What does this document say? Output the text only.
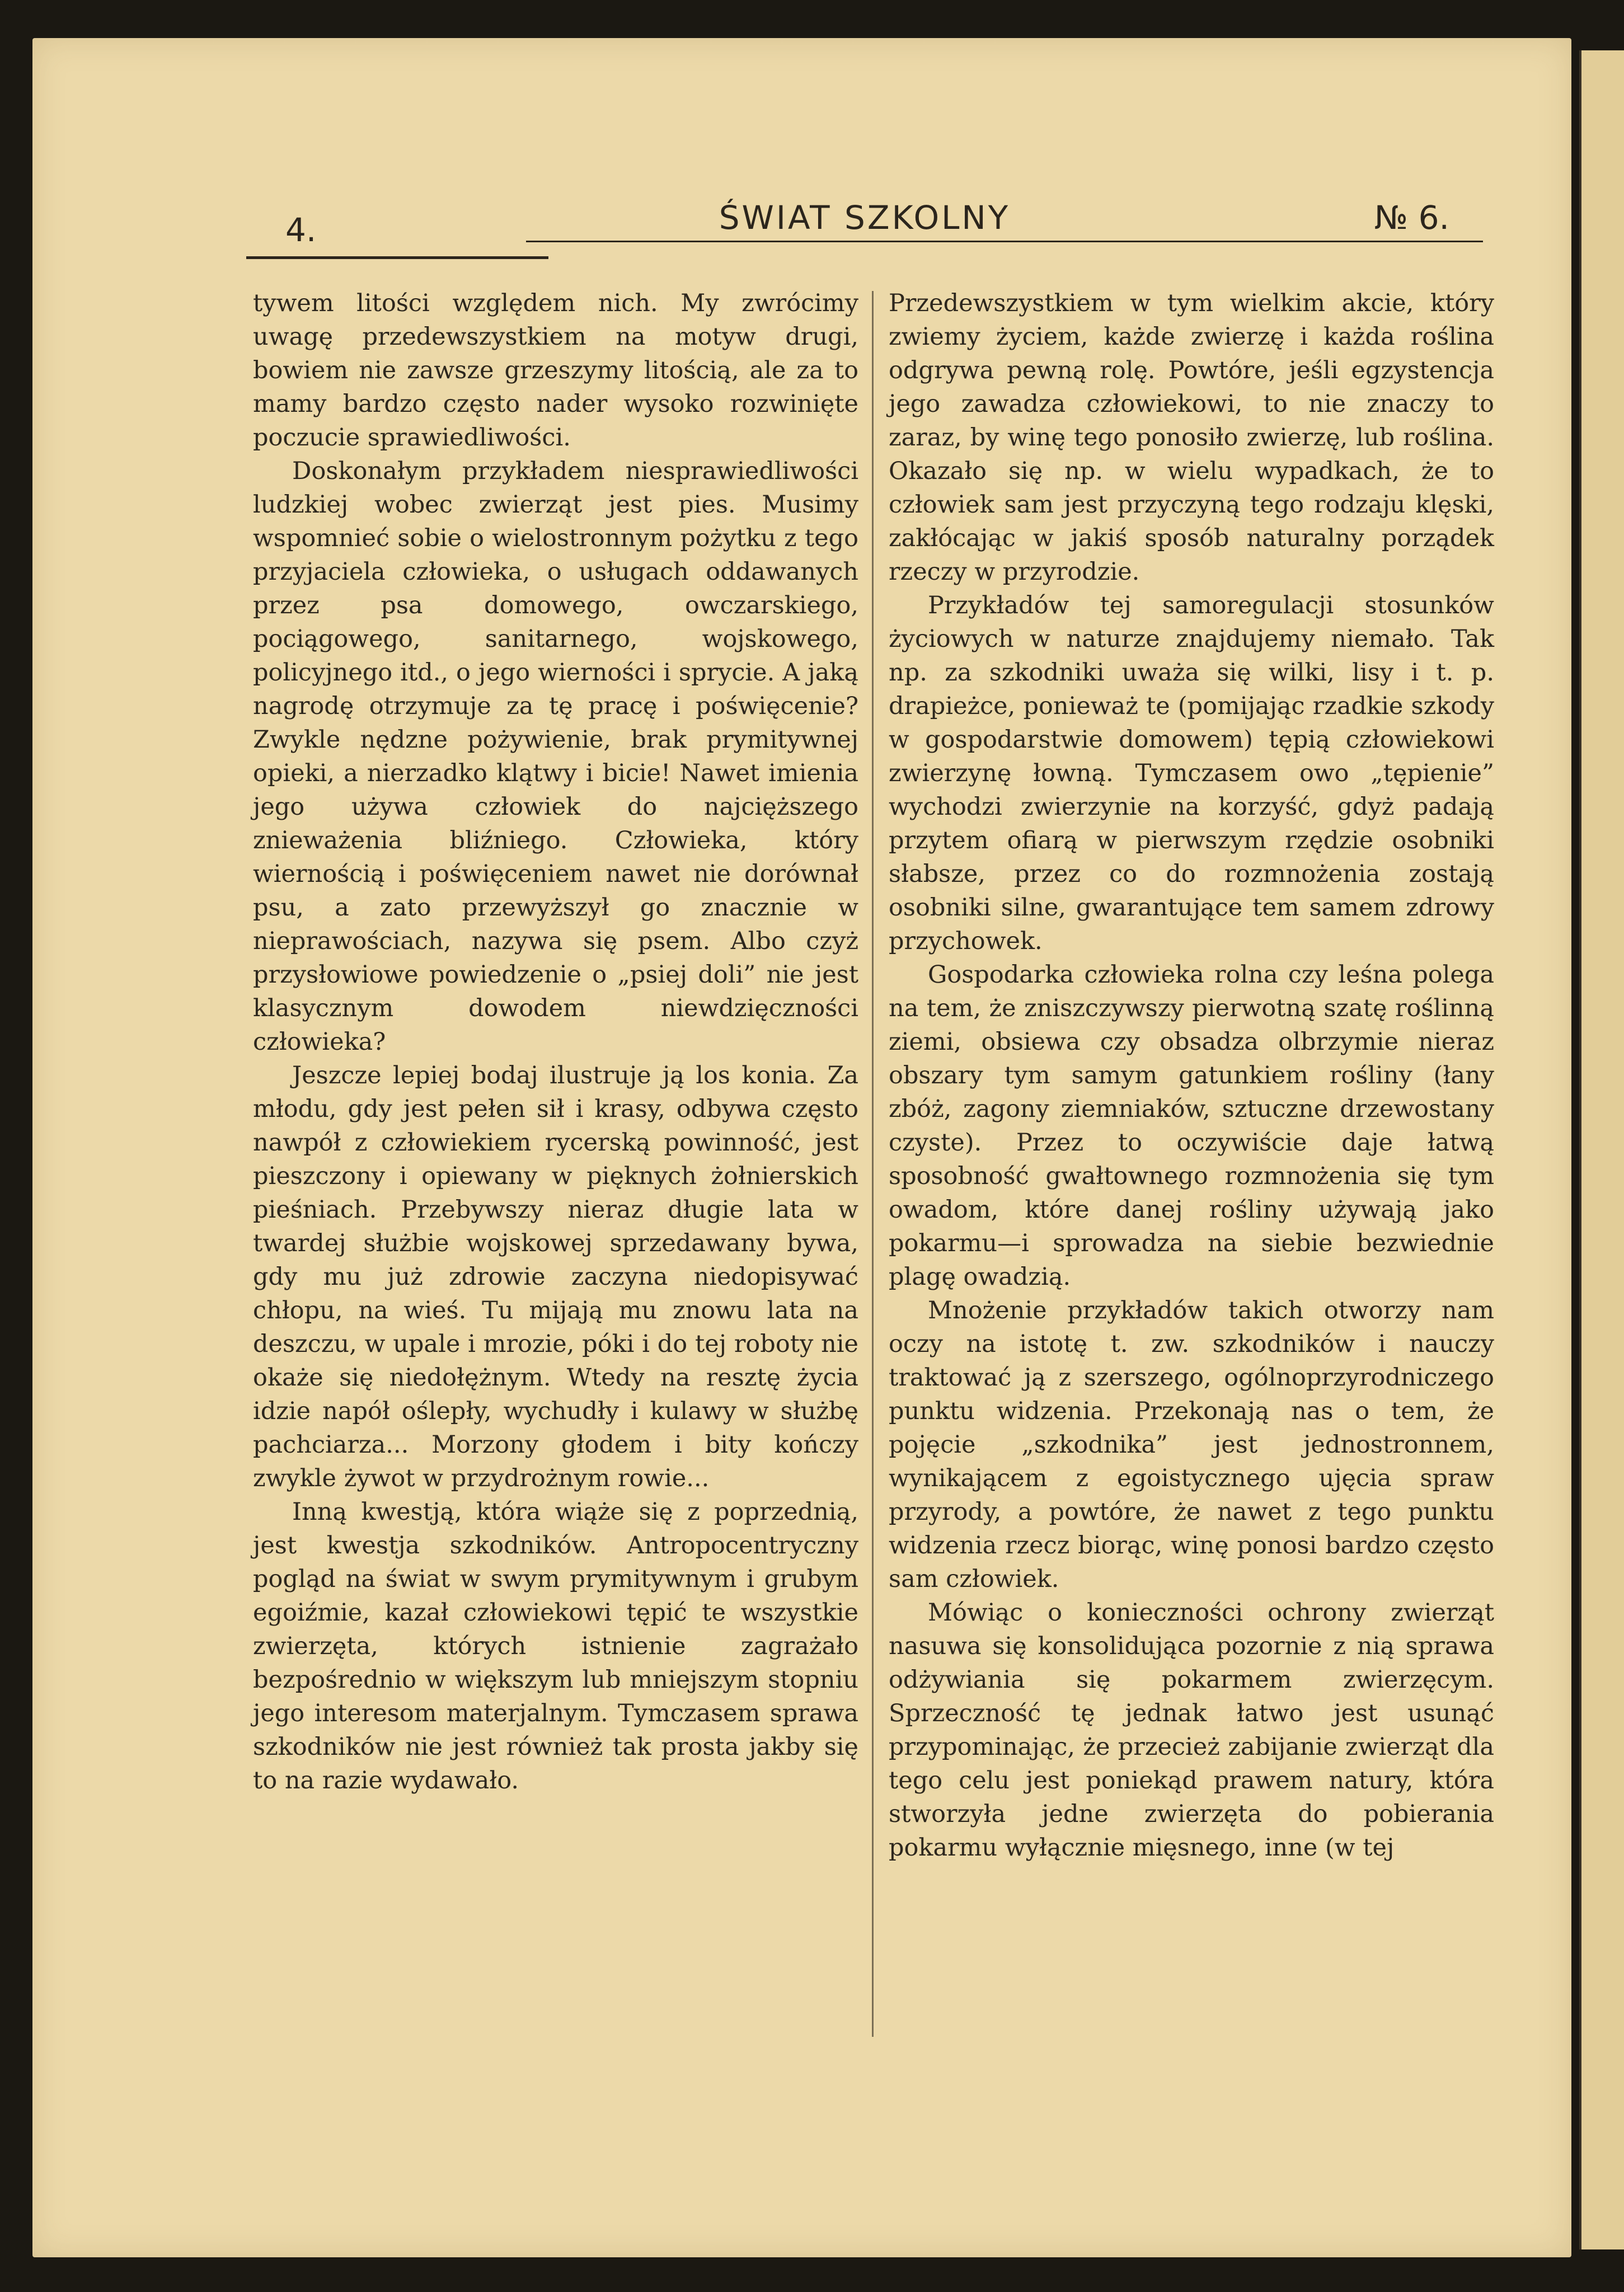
4.	ŚWIAT SZKOLNY	№ 6.

tywem litości względem nich. My zwrócimy uwagę przedewszystkiem na motyw drugi, bowiem nie zawsze grzeszymy litością, ale za to mamy bardzo często nader wysoko rozwinięte poczucie sprawiedliwości.

Doskonałym przykładem niesprawiedliwości ludzkiej wobec zwierząt jest pies. Musimy wspomnieć sobie o wielostronnym pożytku z tego przyjaciela człowieka, o usługach oddawanych przez psa domowego, owczarskiego, pociągowego, sanitarnego, wojskowego, policyjnego itd., o jego wierności i sprycie. A jaką nagrodę otrzymuje za tę pracę i poświęcenie? Zwykle nędzne pożywienie, brak prymitywnej opieki, a nierzadko klątwy i bicie! Nawet imienia jego używa człowiek do najcięższego znieważenia bliźniego. Człowieka, który wiernością i poświęceniem nawet nie dorównał psu, a zato przewyższył go znacznie w nieprawościach, nazywa się psem. Albo czyż przysłowiowe powiedzenie o „psiej doli” nie jest klasycznym dowodem niewdzięczności człowieka?

Jeszcze lepiej bodaj ilustruje ją los konia. Za młodu, gdy jest pełen sił i krasy, odbywa często nawpół z człowiekiem rycerską powinność, jest pieszczony i opiewany w pięknych żołnierskich pieśniach. Przebywszy nieraz długie lata w twardej służbie wojskowej sprzedawany bywa, gdy mu już zdrowie zaczyna niedopisywać chłopu, na wieś. Tu mijają mu znowu lata na deszczu, w upale i mrozie, póki i do tej roboty nie okaże się niedołężnym. Wtedy na resztę życia idzie napół oślepły, wychudły i kulawy w służbę pachciarza... Morzony głodem i bity kończy zwykle żywot w przydrożnym rowie...

Inną kwestją, która wiąże się z poprzednią, jest kwestja szkodników. Antropocentryczny pogląd na świat w swym prymitywnym i grubym egoiźmie, kazał człowiekowi tępić te wszystkie zwierzęta, których istnienie zagrażało bezpośrednio w większym lub mniejszym stopniu jego interesom materjalnym. Tymczasem sprawa szkodników nie jest również tak prosta jakby się to na razie wydawało.

Przedewszystkiem w tym wielkim akcie, który zwiemy życiem, każde zwierzę i każda roślina odgrywa pewną rolę. Powtóre, jeśli egzystencja jego zawadza człowiekowi, to nie znaczy to zaraz, by winę tego ponosiło zwierzę, lub roślina. Okazało się np. w wielu wypadkach, że to człowiek sam jest przyczyną tego rodzaju klęski, zakłócając w jakiś sposób naturalny porządek rzeczy w przyrodzie.

Przykładów tej samoregulacji stosunków życiowych w naturze znajdujemy niemało. Tak np. za szkodniki uważa się wilki, lisy i t. p. drapieżce, ponieważ te (pomijając rzadkie szkody w gospodarstwie domowem) tępią człowiekowi zwierzynę łowną. Tymczasem owo „tępienie” wychodzi zwierzynie na korzyść, gdyż padają przytem ofiarą w pierwszym rzędzie osobniki słabsze, przez co do rozmnożenia zostają osobniki silne, gwarantujące tem samem zdrowy przychowek.

Gospodarka człowieka rolna czy leśna polega na tem, że zniszczywszy pierwotną szatę roślinną ziemi, obsiewa czy obsadza olbrzymie nieraz obszary tym samym gatunkiem rośliny (łany zbóż, zagony ziemniaków, sztuczne drzewostany czyste). Przez to oczywiście daje łatwą sposobność gwałtownego rozmnożenia się tym owadom, które danej rośliny używają jako pokarmu—i sprowadza na siebie bezwiednie plagę owadzią.

Mnożenie przykładów takich otworzy nam oczy na istotę t. zw. szkodników i nauczy traktować ją z szerszego, ogólnoprzyrodniczego punktu widzenia. Przekonają nas o tem, że pojęcie „szkodnika” jest jednostronnem, wynikającem z egoistycznego ujęcia spraw przyrody, a powtóre, że nawet z tego punktu widzenia rzecz biorąc, winę ponosi bardzo często sam człowiek.

Mówiąc o konieczności ochrony zwierząt nasuwa się konsolidująca pozornie z nią sprawa odżywiania się pokarmem zwierzęcym. Sprzeczność tę jednak łatwo jest usunąć przypominając, że przecież zabijanie zwierząt dla tego celu jest poniekąd prawem natury, która stworzyła jedne zwierzęta do pobierania pokarmu wyłącznie mięsnego, inne (w tej
